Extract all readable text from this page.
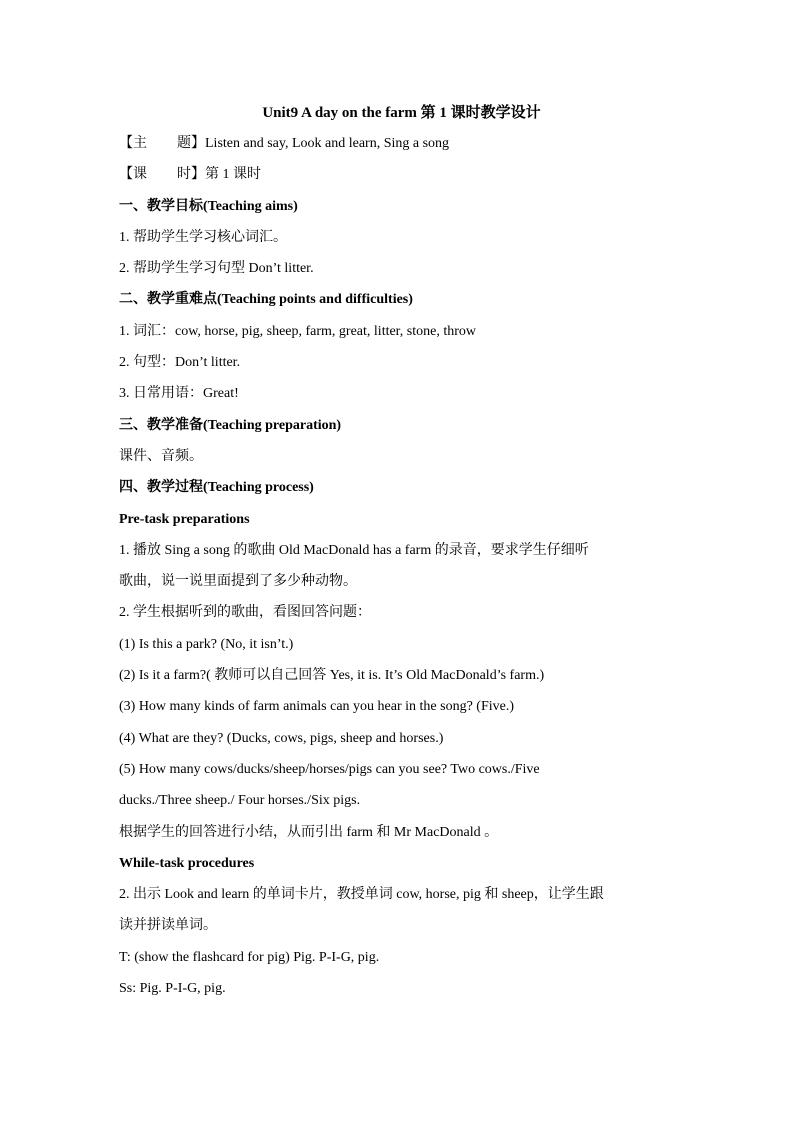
Unit9 A day on the farm 第 1 课时教学设计

【主 题】Listen and say, Look and learn, Sing a song

【课 时】第 1 课时

一、教学目标(Teaching aims)

1. 帮助学生学习核心词汇。

2. 帮助学生学习句型 Don’t litter.

二、教学重难点(Teaching points and difficulties)

1. 词汇：cow, horse, pig, sheep, farm, great, litter, stone, throw

2. 句型：Don’t litter.

3. 日常用语：Great!

三、教学准备(Teaching preparation)

课件、音频。

四、教学过程(Teaching process)

Pre-task preparations

1. 播放 Sing a song 的歌曲 Old MacDonald has a farm 的录音，要求学生仔细听

歌曲，说一说里面提到了多少种动物。

2. 学生根据听到的歌曲，看图回答问题：

(1) Is this a park? (No, it isn’t.)

(2) Is it a farm?( 教师可以自己回答 Yes, it is. It’s Old MacDonald’s farm.)

(3) How many kinds of farm animals can you hear in the song? (Five.)

(4) What are they? (Ducks, cows, pigs, sheep and horses.)

(5) How many cows/ducks/sheep/horses/pigs can you see? Two cows./Five

ducks./Three sheep./ Four horses./Six pigs.

根据学生的回答进行小结，从而引出 farm 和 Mr MacDonald 。

While-task procedures

2. 出示 Look and learn 的单词卡片，教授单词 cow, horse, pig 和 sheep，让学生跟

读并拼读单词。

T: (show the flashcard for pig) Pig. P-I-G, pig.

Ss: Pig. P-I-G, pig.
